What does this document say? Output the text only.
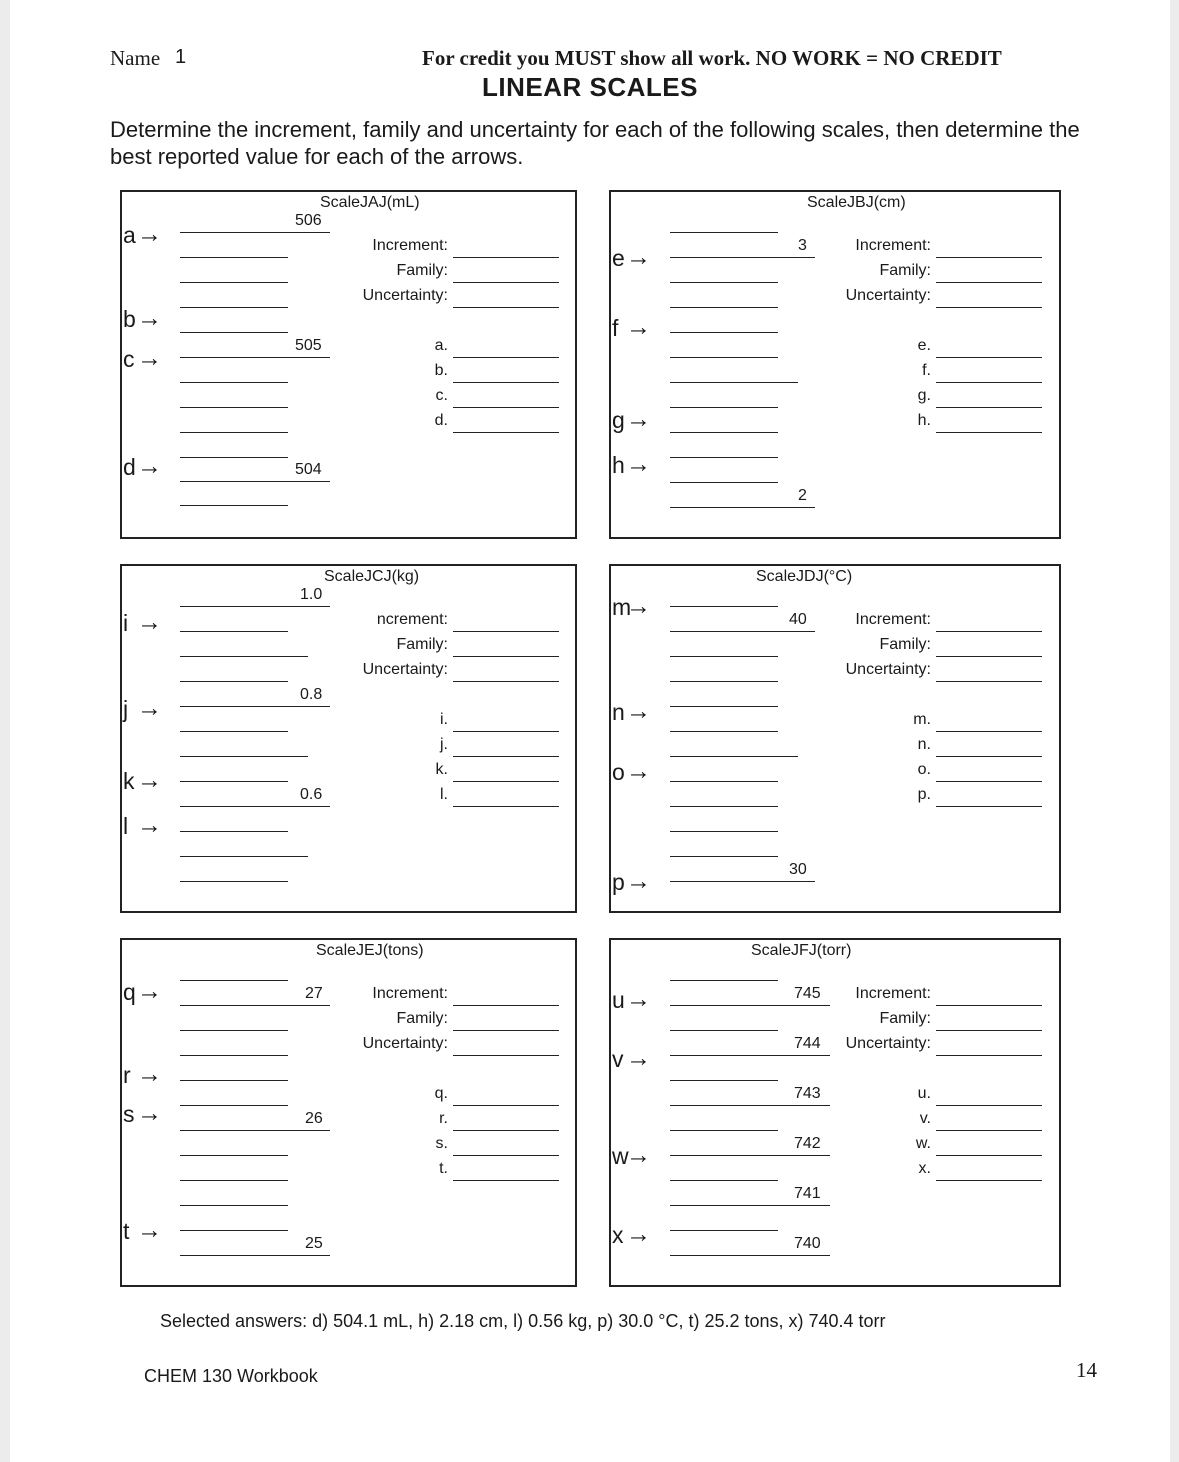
Name 1	For credit you MUST show all work. NO WORK = NO CREDIT
LINEAR SCALES
Determine the increment, family and uncertainty for each of the following scales, then determine the best reported value for each of the arrows.
ScaleJAJ(mL)
506
505
504
a →
b →
c →
d →
Increment:
Family:
Uncertainty:
a.
b.
c.
d.
ScaleJBJ(cm)
3
2
e →
f →
g →
h →
Increment:
Family:
Uncertainty:
e.
f.
g.
h.
ScaleJCJ(kg)
1.0
0.8
0.6
i →
j →
k →
l →
ncrement:
Family:
Uncertainty:
i.
j.
k.
l.
ScaleJDJ(°C)
40
30
m
→
n →
o →
p →
Increment:
Family:
Uncertainty:
m.
n.
o.
p.
ScaleJEJ(tons)
27
26
25
q →
r →
s →
t →
Increment:
Family:
Uncertainty:
q.
r.
s.
t.
ScaleJFJ(torr)
745
744
743
742
741
740
u →
v →
w
→
x →
Increment:
Family:
Uncertainty:
u.
v.
w.
x.
Selected answers: d) 504.1 mL, h) 2.18 cm, l) 0.56 kg, p) 30.0 °C, t) 25.2 tons, x) 740.4 torr
CHEM 130 Workbook	14
